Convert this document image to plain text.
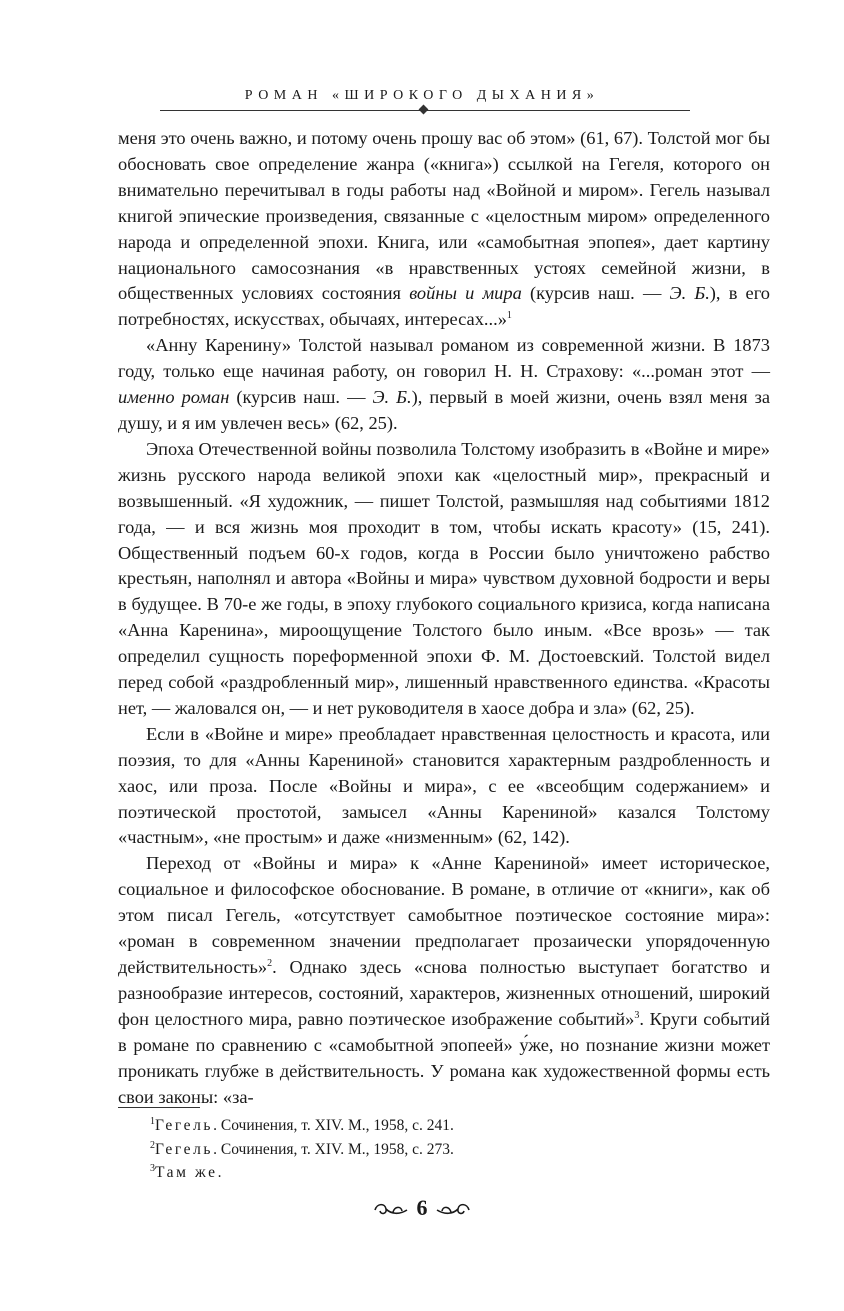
РОМАН «ШИРОКОГО ДЫХАНИЯ»

меня это очень важно, и потому очень прошу вас об этом» (61, 67). Толстой мог бы обосновать свое определение жанра («книга») ссылкой на Гегеля, которого он внимательно перечитывал в годы работы над «Войной и миром». Гегель называл книгой эпические произведения, связанные с «целостным миром» определенного народа и определенной эпохи. Книга, или «самобытная эпопея», дает картину национального самосознания «в нравственных устоях семейной жизни, в общественных условиях состояния войны и мира (курсив наш. — Э. Б.), в его потребностях, искусствах, обычаях, интересах...»$^1$

«Анну Каренину» Толстой называл романом из современной жизни. В 1873 году, только еще начиная работу, он говорил Н. Н. Страхову: «...роман этот — именно роман (курсив наш. — Э. Б.), первый в моей жизни, очень взял меня за душу, и я им увлечен весь» (62, 25).

Эпоха Отечественной войны позволила Толстому изобразить в «Войне и мире» жизнь русского народа великой эпохи как «целостный мир», прекрасный и возвышенный. «Я художник, — пишет Толстой, размышляя над событиями 1812 года, — и вся жизнь моя проходит в том, чтобы искать красоту» (15, 241). Общественный подъем 60-х годов, когда в России было уничтожено рабство крестьян, наполнял и автора «Войны и мира» чувством духовной бодрости и веры в будущее. В 70-е же годы, в эпоху глубокого социального кризиса, когда написана «Анна Каренина», мироощущение Толстого было иным. «Все врозь» — так определил сущность пореформенной эпохи Ф. М. Достоевский. Толстой видел перед собой «раздробленный мир», лишенный нравственного единства. «Красоты нет, — жаловался он, — и нет руководителя в хаосе добра и зла» (62, 25).

Если в «Войне и мире» преобладает нравственная целостность и красота, или поэзия, то для «Анны Карениной» становится характерным раздробленность и хаос, или проза. После «Войны и мира», с ее «всеобщим содержанием» и поэтической простотой, замысел «Анны Карениной» казался Толстому «частным», «не простым» и даже «низменным» (62, 142).

Переход от «Войны и мира» к «Анне Карениной» имеет историческое, социальное и философское обоснование. В романе, в отличие от «книги», как об этом писал Гегель, «отсутствует самобытное поэтическое состояние мира»: «роман в современном значении предполагает прозаически упорядоченную действительность»$^2$. Однако здесь «снова полностью выступает богатство и разнообразие интересов, состояний, характеров, жизненных отношений, широкий фон целостного мира, равно поэтическое изображение событий»$^3$. Круги событий в романе по сравнению с «самобытной эпопеей» у́же, но познание жизни может проникать глубже в действительность. У романа как художественной формы есть свои законы: «за-

$^1$Гегель. Сочинения, т. XIV. М., 1958, с. 241.
$^2$Гегель. Сочинения, т. XIV. М., 1958, с. 273.
$^3$Там же.
6
